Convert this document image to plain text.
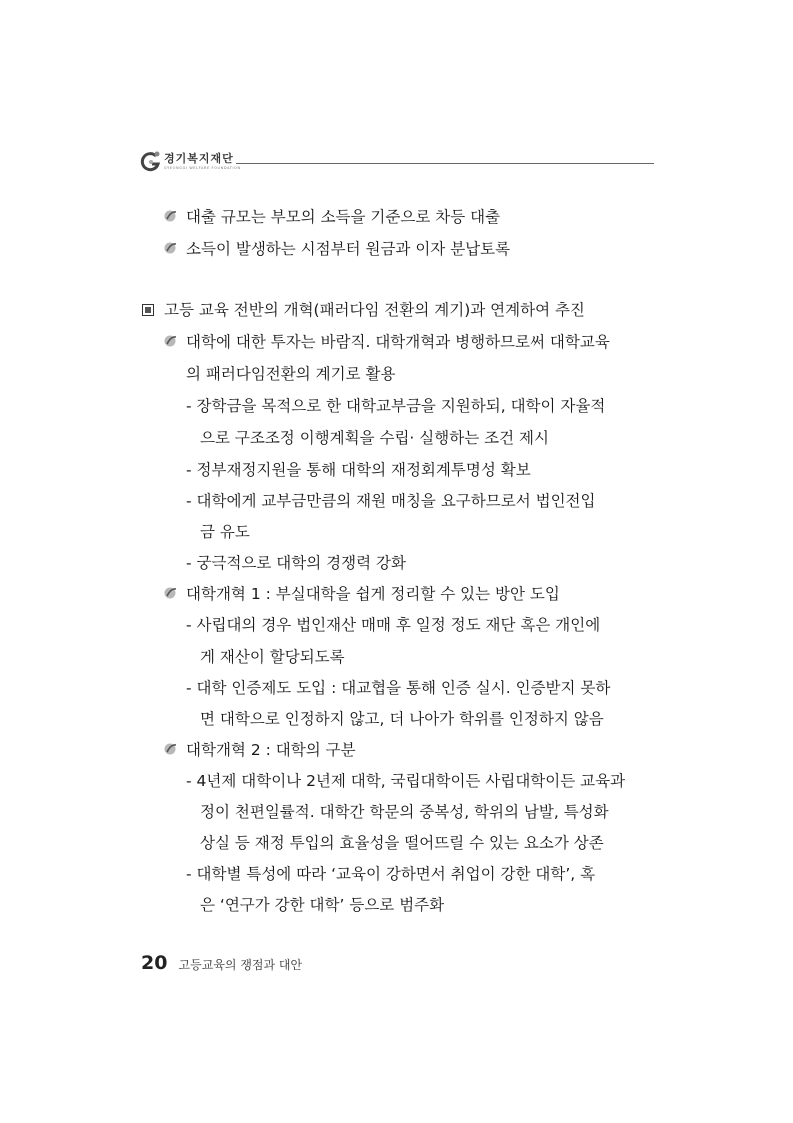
경기복지재단
GYEONGGI WELFARE FOUNDATION
대출 규모는 부모의 소득을 기준으로 차등 대출
소득이 발생하는 시점부터 원금과 이자 분납토록
고등 교육 전반의 개혁(패러다임 전환의 계기)과 연계하여 추진
대학에 대한 투자는 바람직. 대학개혁과 병행하므로써 대학교육
의 패러다임전환의 계기로 활용
- 장학금을 목적으로 한 대학교부금을 지원하되, 대학이 자율적
으로 구조조정 이행계획을 수립· 실행하는 조건 제시
- 정부재정지원을 통해 대학의 재정회계투명성 확보
- 대학에게 교부금만큼의 재원 매칭을 요구하므로서 법인전입
금 유도
- 궁극적으로 대학의 경쟁력 강화
대학개혁 1 : 부실대학을 쉽게 정리할 수 있는 방안 도입
- 사립대의 경우 법인재산 매매 후 일정 정도 재단 혹은 개인에
게 재산이 할당되도록
- 대학 인증제도 도입 : 대교협을 통해 인증 실시. 인증받지 못하
면 대학으로 인정하지 않고, 더 나아가 학위를 인정하지 않음
대학개혁 2 : 대학의 구분
- 4년제 대학이나 2년제 대학, 국립대학이든 사립대학이든 교육과
정이 천편일률적. 대학간 학문의 중복성, 학위의 남발, 특성화
상실 등 재정 투입의 효율성을 떨어뜨릴 수 있는 요소가 상존
- 대학별 특성에 따라 ‘교육이 강하면서 취업이 강한 대학’, 혹
은 ‘연구가 강한 대학’ 등으로 범주화
20 고등교육의 쟁점과 대안
